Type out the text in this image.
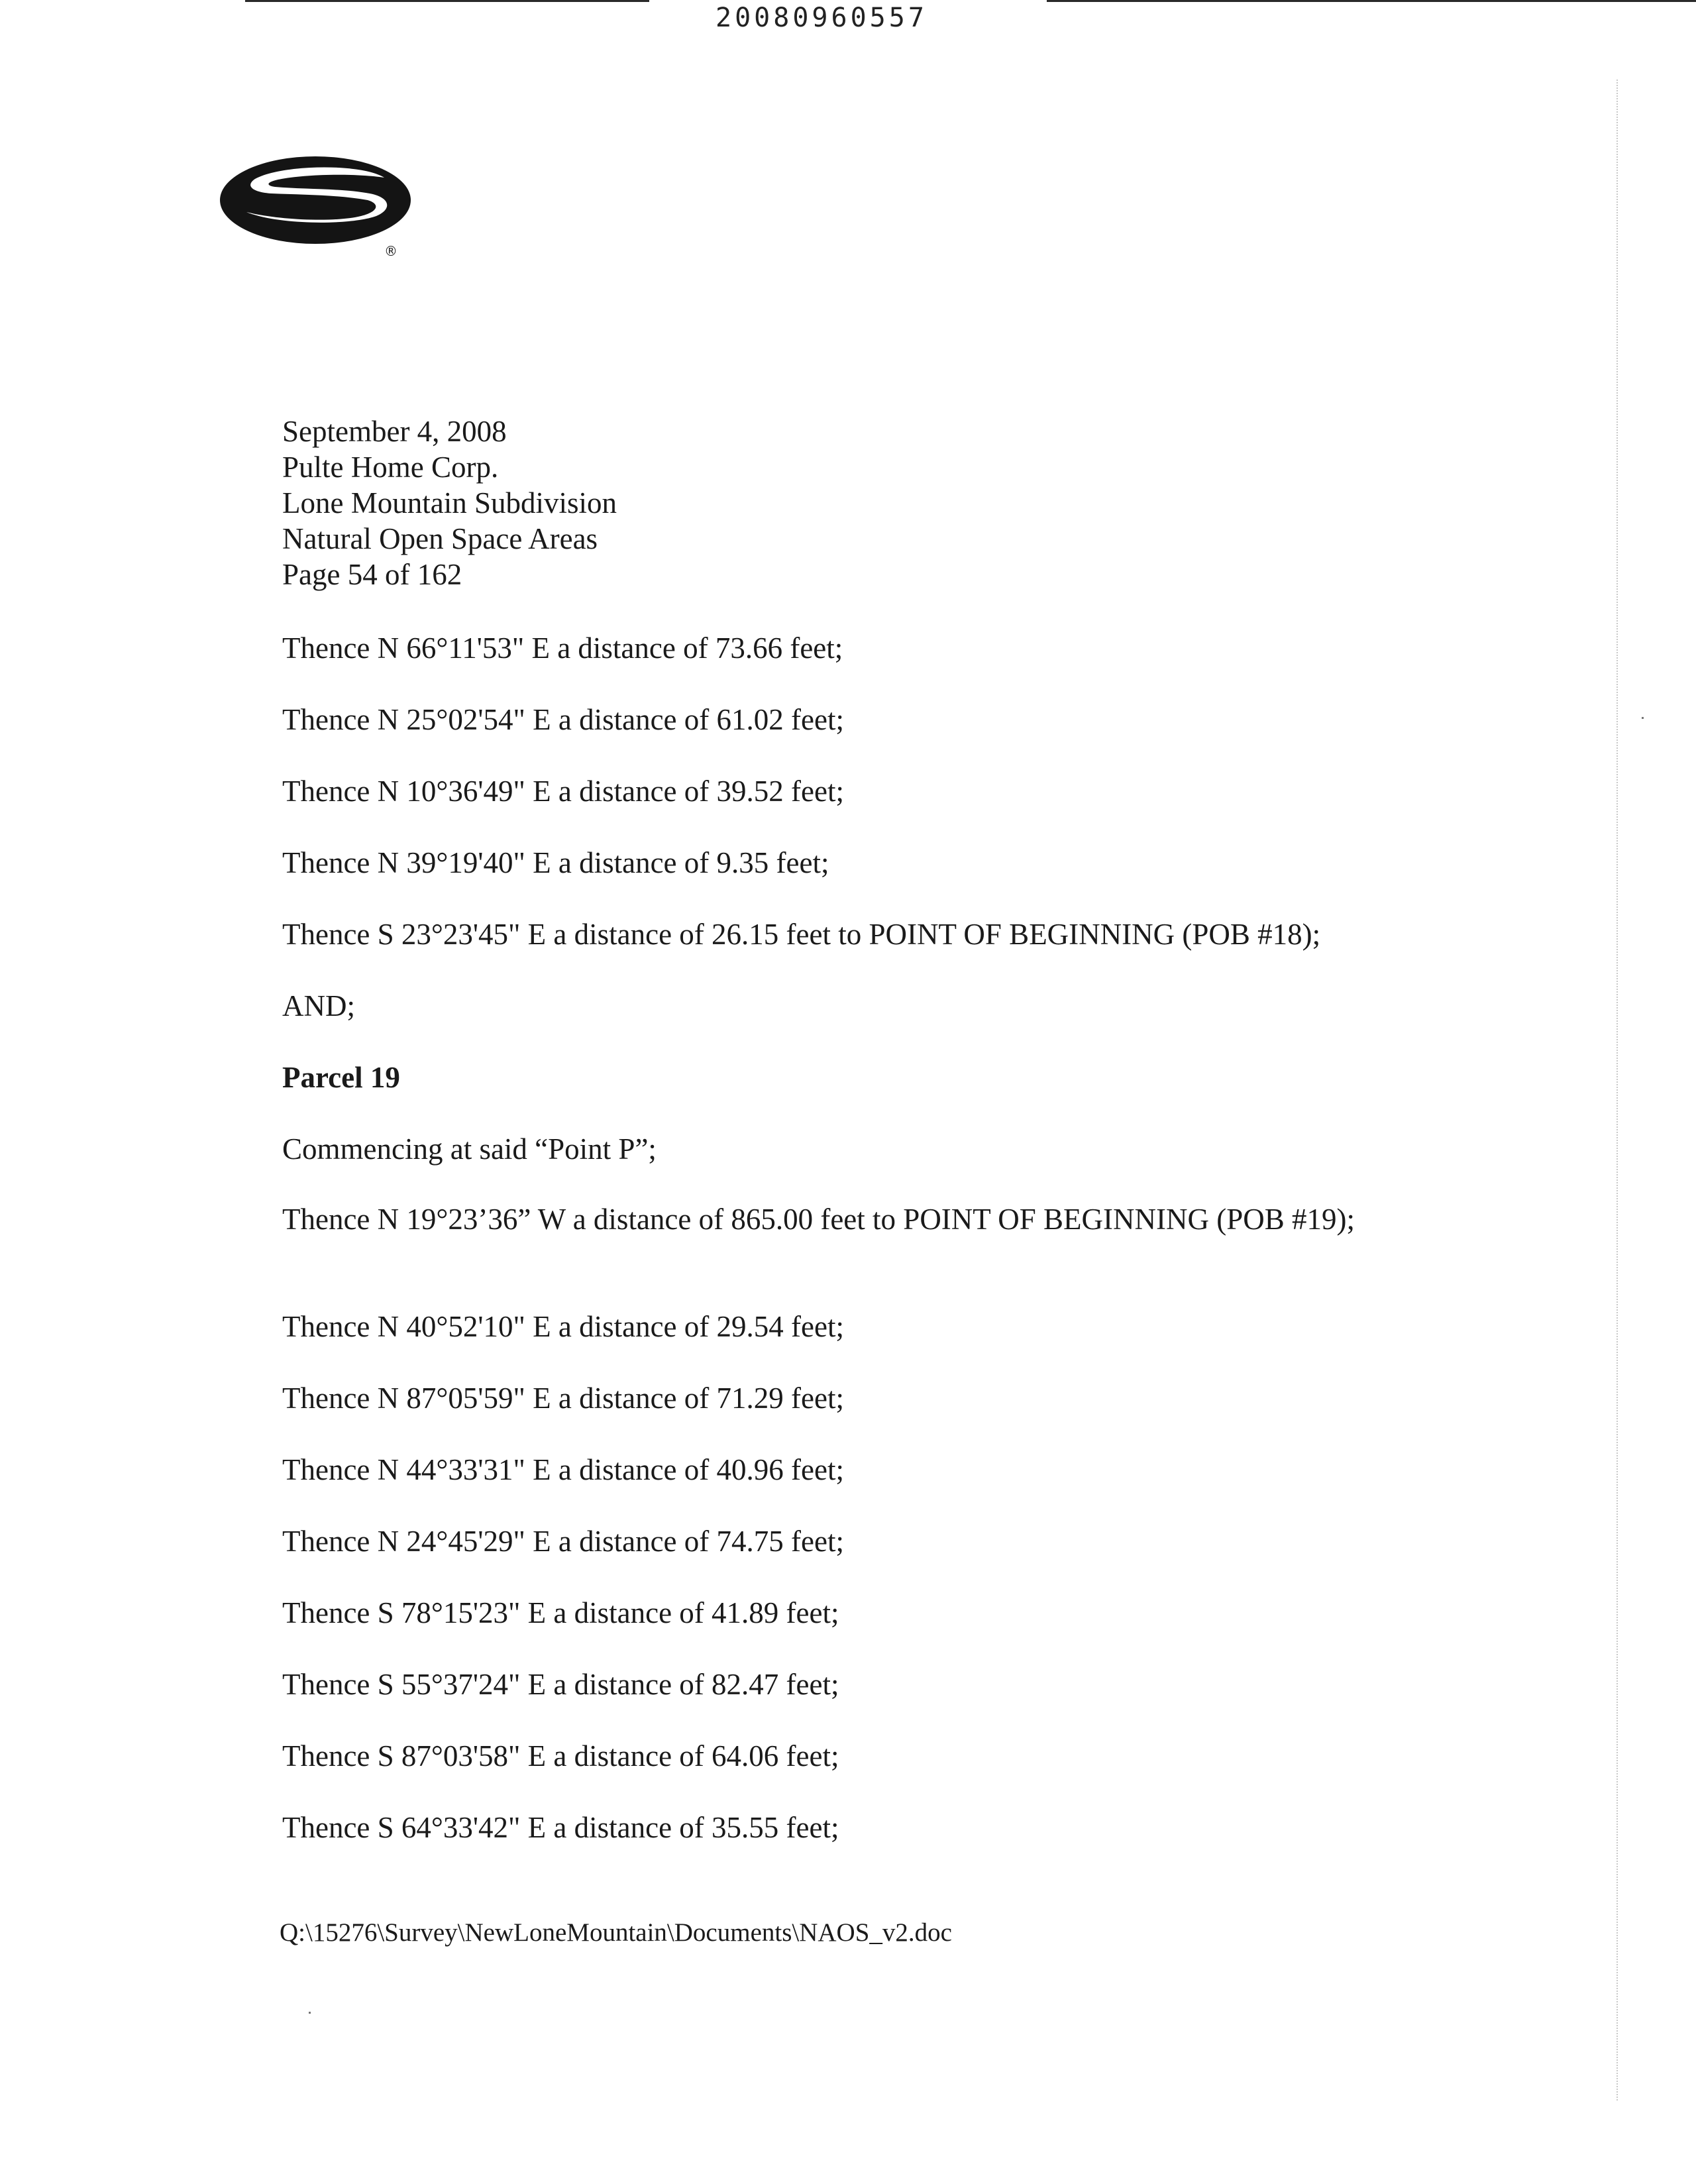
20080960557
®
September 4, 2008
Pulte Home Corp.
Lone Mountain Subdivision
Natural Open Space Areas
Page 54 of 162
Thence N 66°11'53" E a distance of 73.66 feet;
Thence N 25°02'54" E a distance of 61.02 feet;
Thence N 10°36'49" E a distance of 39.52 feet;
Thence N 39°19'40" E a distance of 9.35 feet;
Thence S 23°23'45" E a distance of 26.15 feet to POINT OF BEGINNING (POB #18);
AND;
Parcel 19
Commencing at said “Point P”;
Thence N 19°23’36” W a distance of 865.00 feet to POINT OF BEGINNING (POB #19);
Thence N 40°52'10" E a distance of 29.54 feet;
Thence N 87°05'59" E a distance of 71.29 feet;
Thence N 44°33'31" E a distance of 40.96 feet;
Thence N 24°45'29" E a distance of 74.75 feet;
Thence S 78°15'23" E a distance of 41.89 feet;
Thence S 55°37'24" E a distance of 82.47 feet;
Thence S 87°03'58" E a distance of 64.06 feet;
Thence S 64°33'42" E a distance of 35.55 feet;
Q:\15276\Survey\NewLoneMountain\Documents\NAOS_v2.doc
